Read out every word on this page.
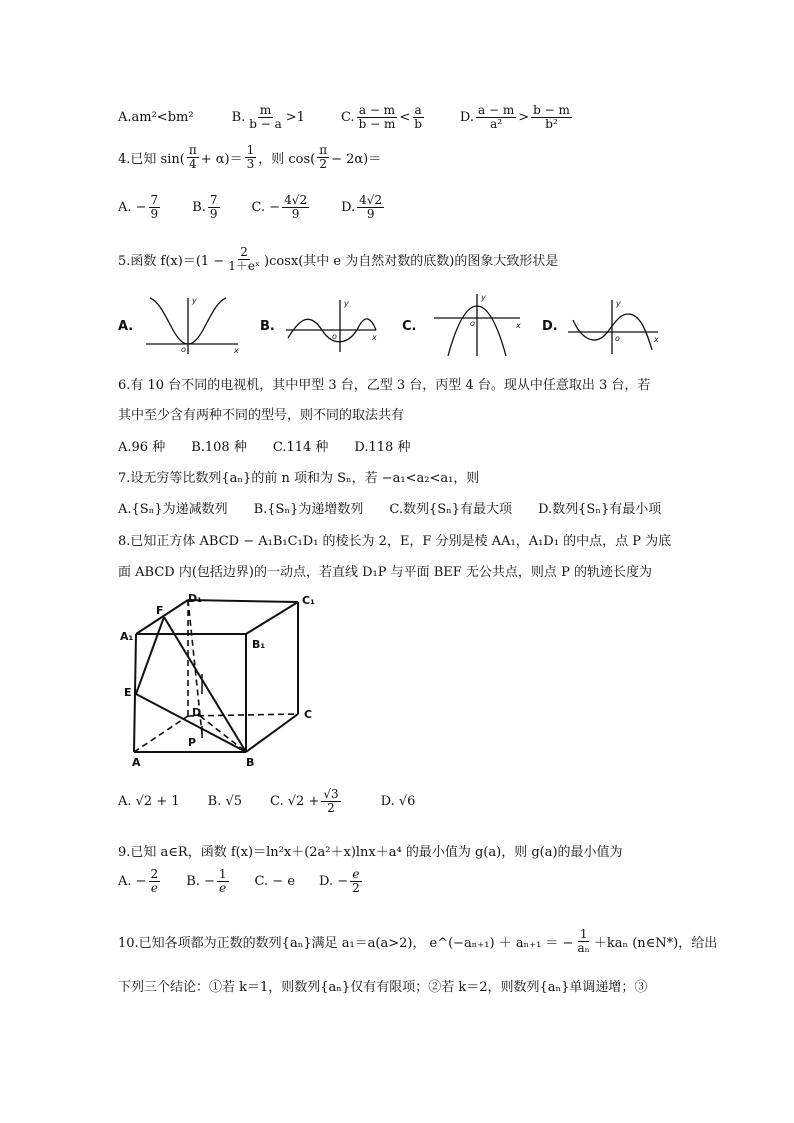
A.am²<bm²	B. $\frac{m}{b - a} >1$	C. $\frac{a - m}{b - m} < \frac{a}{b}$	D. $\frac{a - m}{\text{a²}} > \frac{b - m}{\text{b²}}$
4.已知 $\sin( \frac{\pi}{4} + \alpha)= \frac{1}{3}$ ，则 $\cos( \frac{\pi}{2} - 2\alpha)=$
A. − $\frac{7}{9} B$. $\frac{7}{9} C$. − $\frac{4√2}{9} D$. $\frac{4√2}{9}$
5.函数 $f(x)=(1 - \frac{2}{\text{1＋eˣ}} )\cos x$(其中 e 为自然对数的底数)的图象大致形状是
x
y
o
x
y
o
x
y
o
x
y
o
A.	B.	C.	D.
6.有 10 台不同的电视机，其中甲型 3 台，乙型 3 台，丙型 4 台。现从中任意取出 3 台，若
其中至少含有两种不同的型号，则不同的取法共有
A.96 种 B.108 种 C.114 种 D.118 种
7.设无穷等比数列{aₙ}的前 n 项和为 Sₙ，若 −a₁<a₂<a₁，则
A.{Sₙ}为递减数列 B.{Sₙ}为递增数列 C.数列{Sₙ}有最大项 D.数列{Sₙ}有最小项
8.已知正方体 ABCD − A₁B₁C₁D₁ 的棱长为 2，E，F 分别是棱 AA₁，A₁D₁ 的中点，点 P 为底
面 ABCD 内(包括边界)的一动点，若直线 D₁P 与平面 BEF 无公共点，则点 P 的轨迹长度为
F
D₁	C₁
A₁
B₁
E
D	C
P
A	B
A. √2 + 1 B. √5 C. $√2 + \frac{√3}{2}$	D. √6
9.已知 a∈R，函数 f(x)＝ln²x＋(2a²＋x)lnx＋a⁴ 的最小值为 g(a)，则 g(a)的最小值为
A. − $\frac{2}{e} B$. − $\frac{1}{e} C$. − e D. − $\frac{e}{2}$
10.已知各项都为正数的数列{aₙ}满足 a₁＝a(a>2)， e^(−aₙ₊₁) ＋ aₙ₊₁ ＝ − $\frac{1}{\text{aₙ}} +ka_n$ (n∈N*)，给出
下列三个结论：①若 k＝1，则数列{aₙ}仅有有限项；②若 k＝2，则数列{aₙ}单调递增；③
